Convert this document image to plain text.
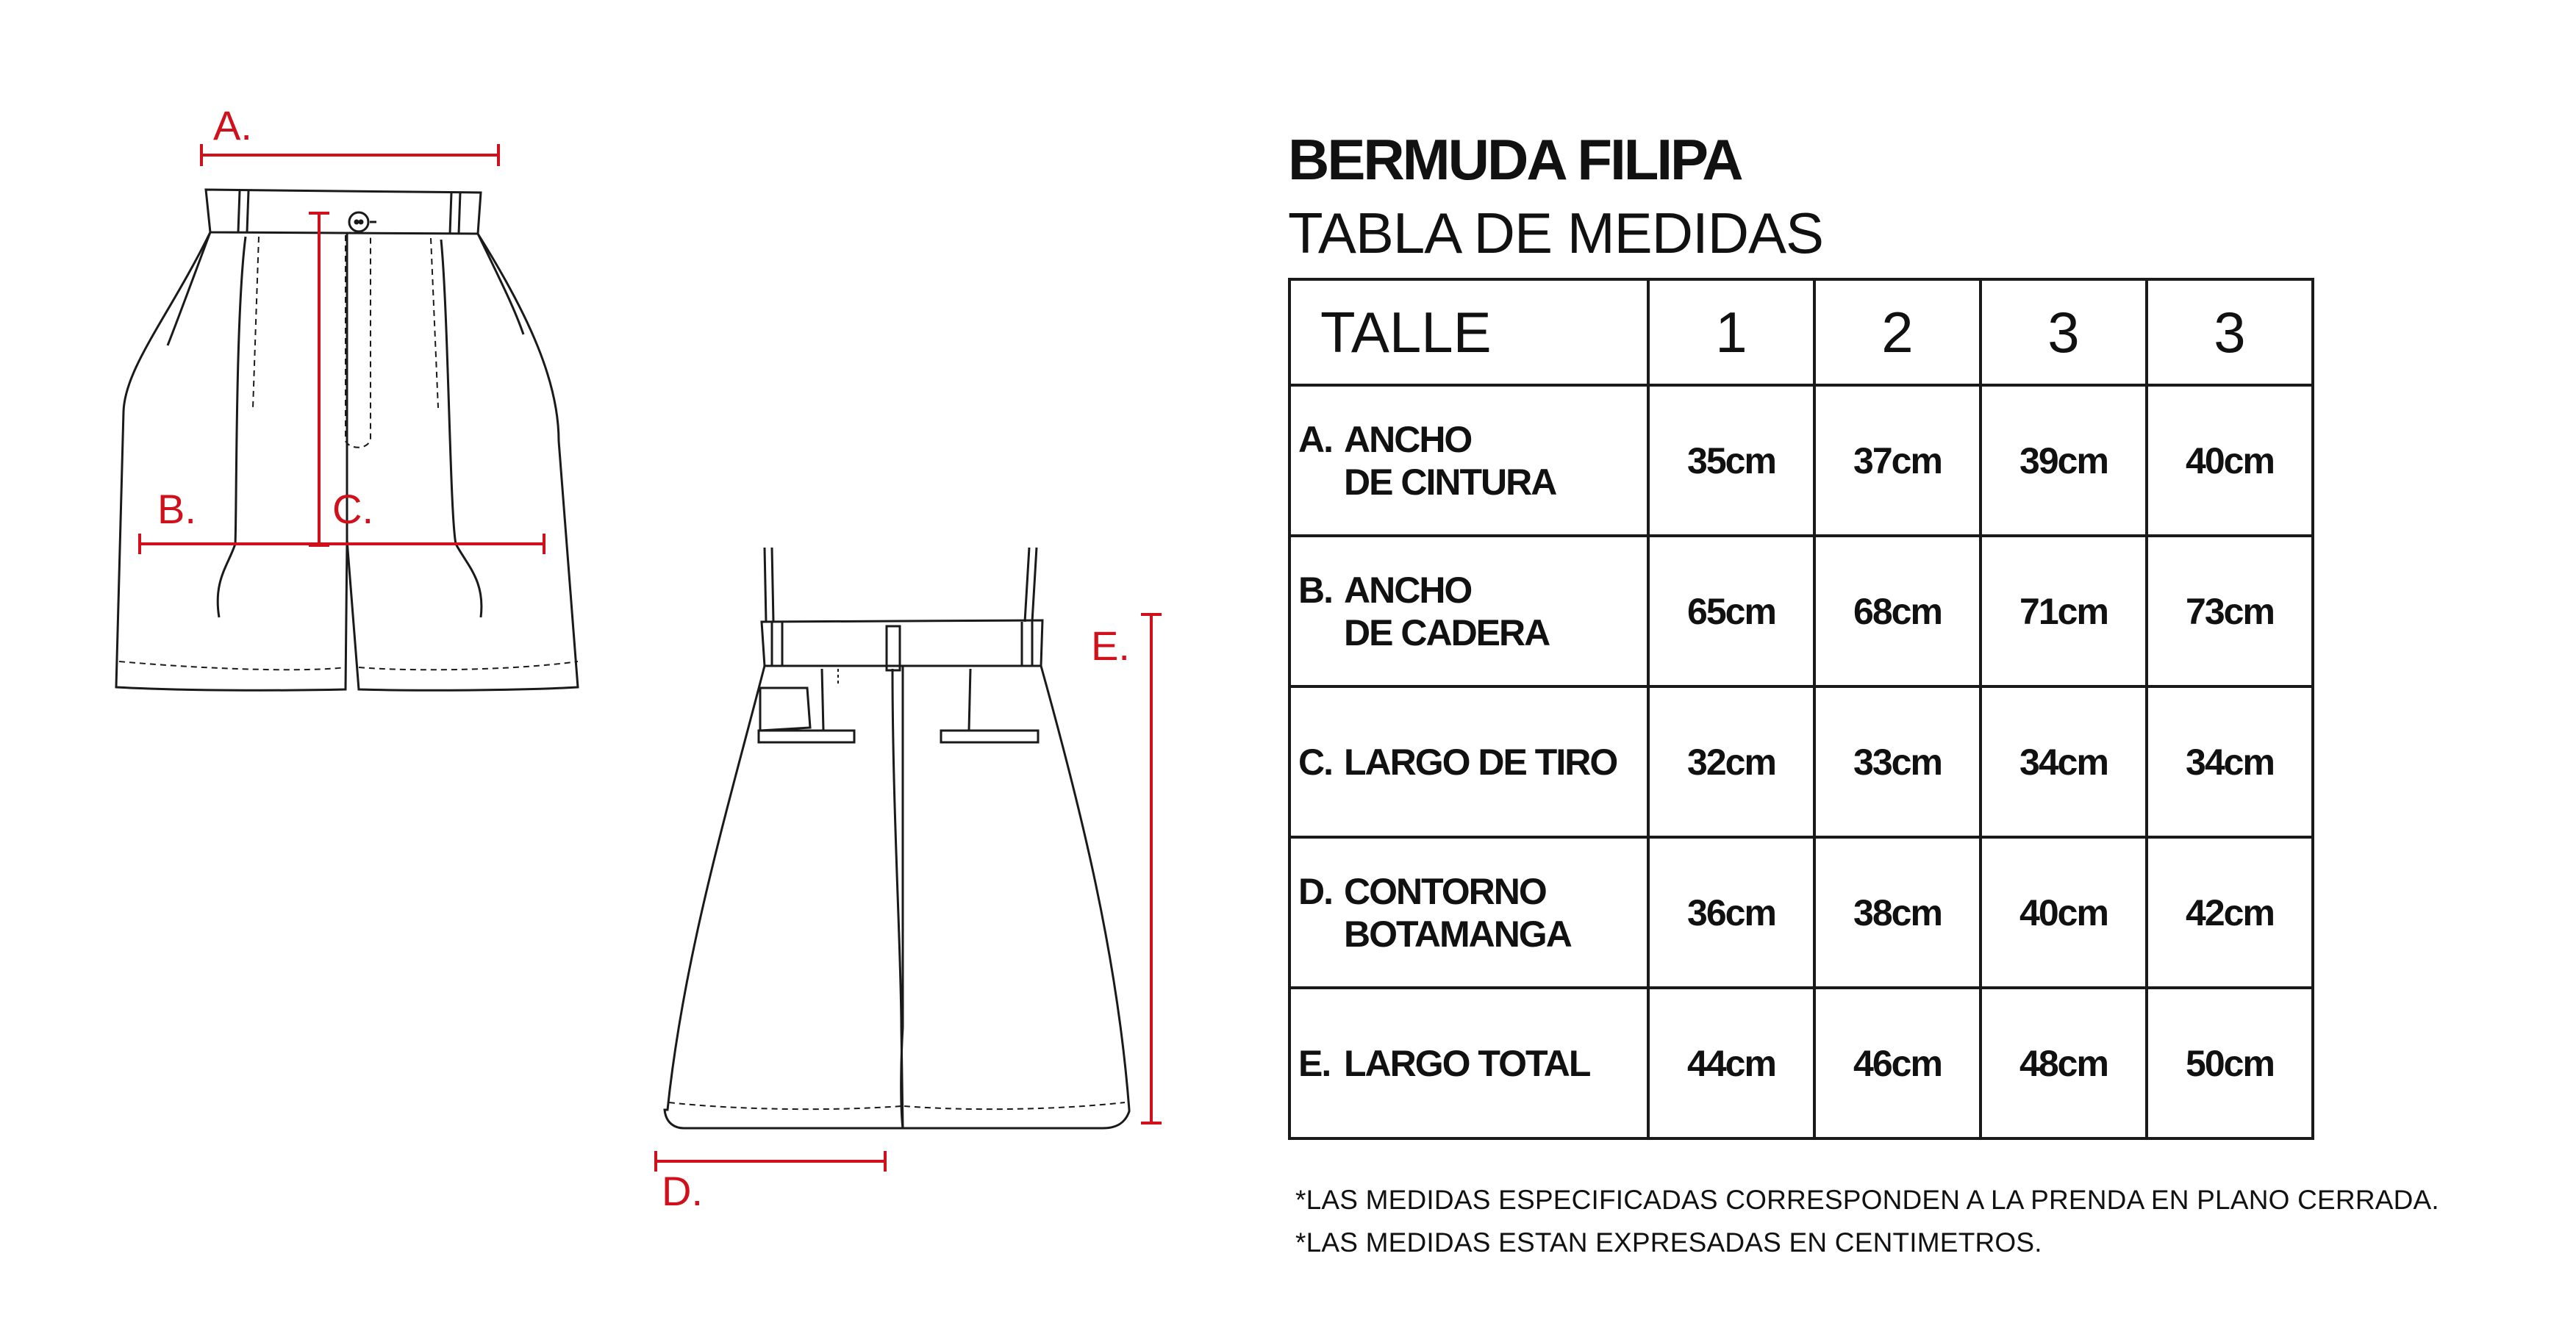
A.
B.	C.
E.
D.
BERMUDA FILIPA
TABLA DE MEDIDAS
TALLE	1	2	3	3

A. ANCHO
DE CINTURA	35cm	37cm	39cm	40cm

B. ANCHO
DE CADERA	65cm	68cm	71cm	73cm

C. LARGO DE TIRO	32cm	33cm	34cm	34cm

D. CONTORNO
BOTAMANGA	36cm	38cm	40cm	42cm

E. LARGO TOTAL	44cm	46cm	48cm	50cm
*LAS MEDIDAS ESPECIFICADAS CORRESPONDEN A LA PRENDA EN PLANO CERRADA.
*LAS MEDIDAS ESTAN EXPRESADAS EN CENTIMETROS.
